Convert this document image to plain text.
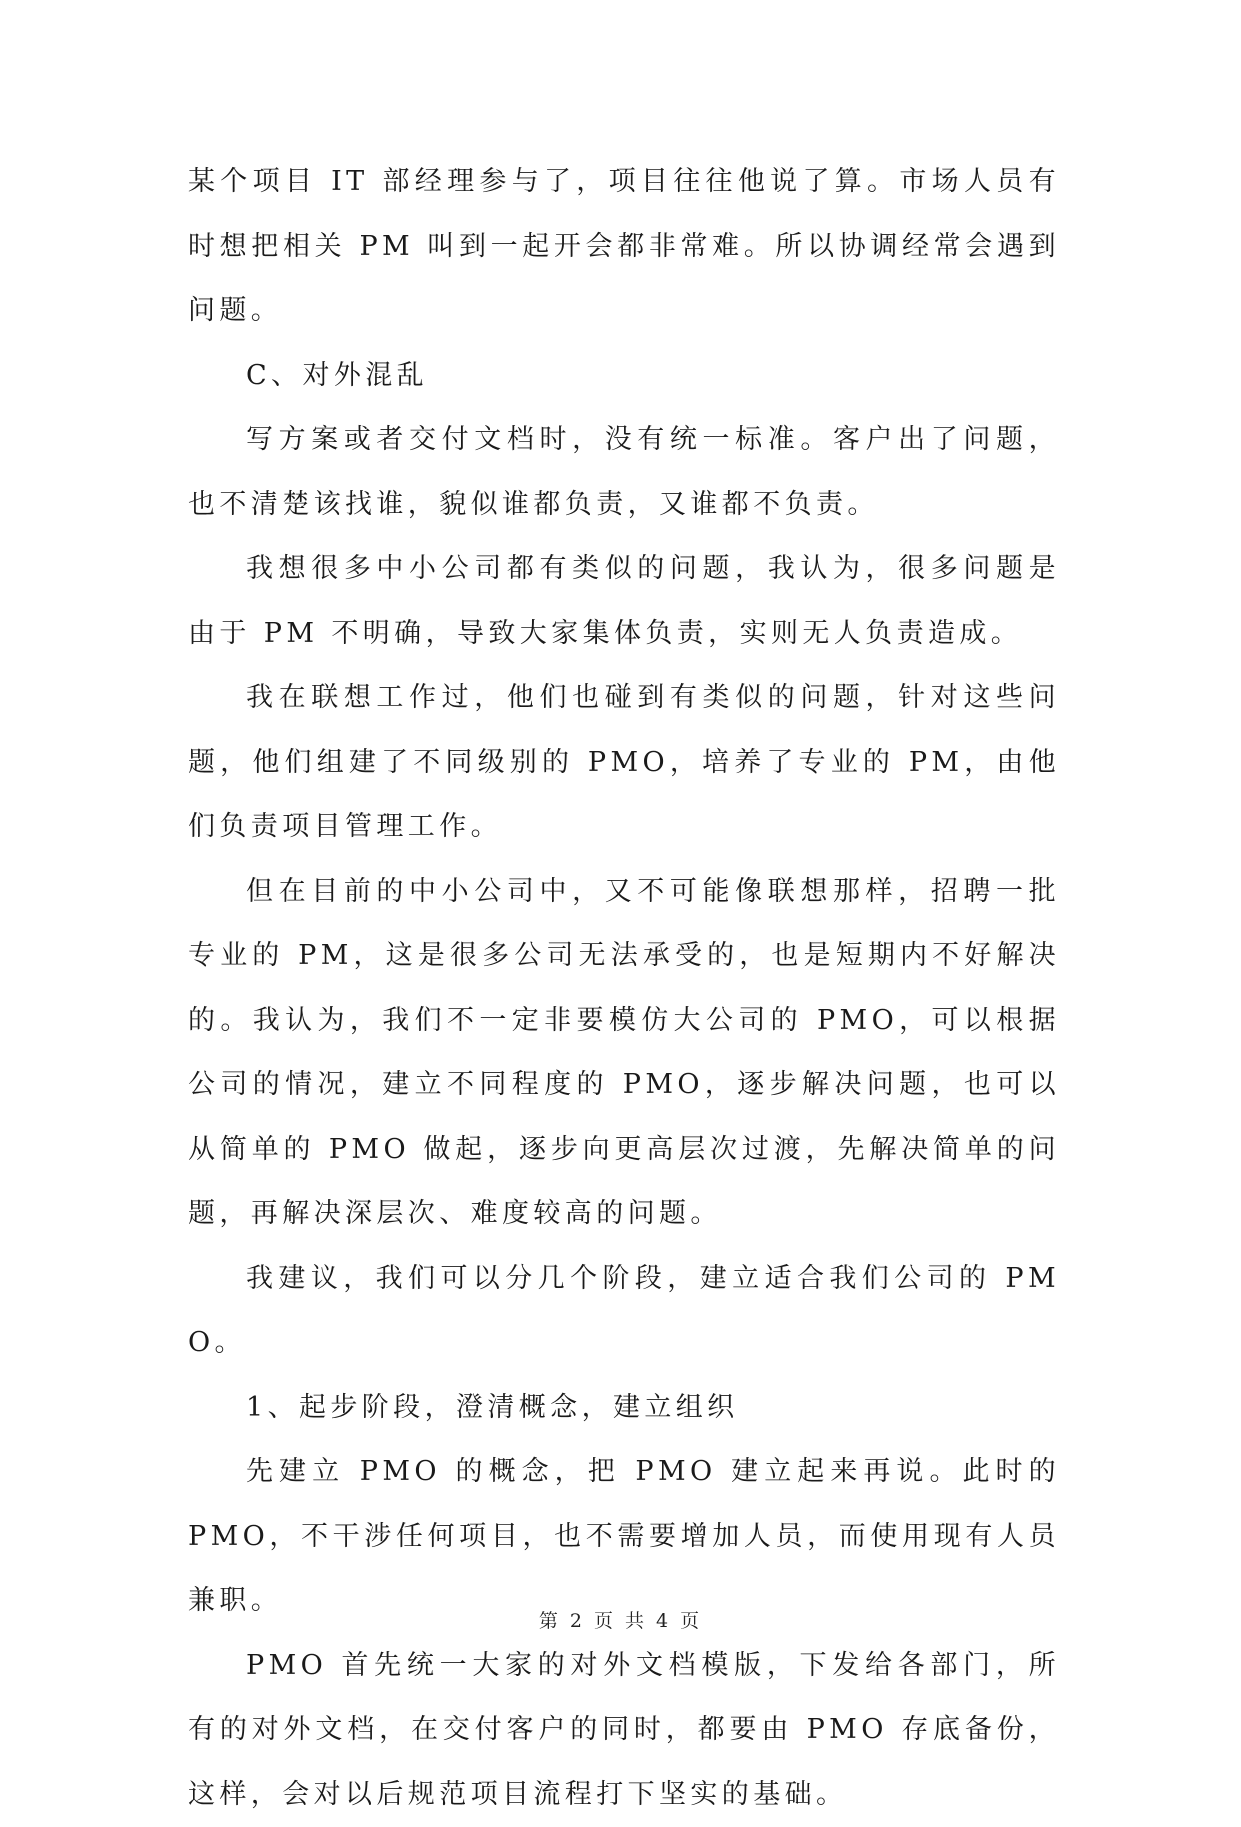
某个项目 IT 部经理参与了，项目往往他说了算。市场人员有时想把相关 PM 叫到一起开会都非常难。所以协调经常会遇到问题。

C、对外混乱

写方案或者交付文档时，没有统一标准。客户出了问题，也不清楚该找谁，貌似谁都负责，又谁都不负责。

我想很多中小公司都有类似的问题，我认为，很多问题是由于 PM 不明确，导致大家集体负责，实则无人负责造成。

我在联想工作过，他们也碰到有类似的问题，针对这些问题，他们组建了不同级别的 PMO，培养了专业的 PM，由他们负责项目管理工作。

但在目前的中小公司中，又不可能像联想那样，招聘一批专业的 PM，这是很多公司无法承受的，也是短期内不好解决的。我认为，我们不一定非要模仿大公司的 PMO，可以根据公司的情况，建立不同程度的 PMO，逐步解决问题，也可以从简单的 PMO 做起，逐步向更高层次过渡，先解决简单的问题，再解决深层次、难度较高的问题。

我建议，我们可以分几个阶段，建立适合我们公司的 PMO。

1、起步阶段，澄清概念，建立组织

先建立 PMO 的概念，把 PMO 建立起来再说。此时的 PMO，不干涉任何项目，也不需要增加人员，而使用现有人员兼职。

PMO 首先统一大家的对外文档模版，下发给各部门，所有的对外文档，在交付客户的同时，都要由 PMO 存底备份，这样，会对以后规范项目流程打下坚实的基础。

第 2 页 共 4 页
